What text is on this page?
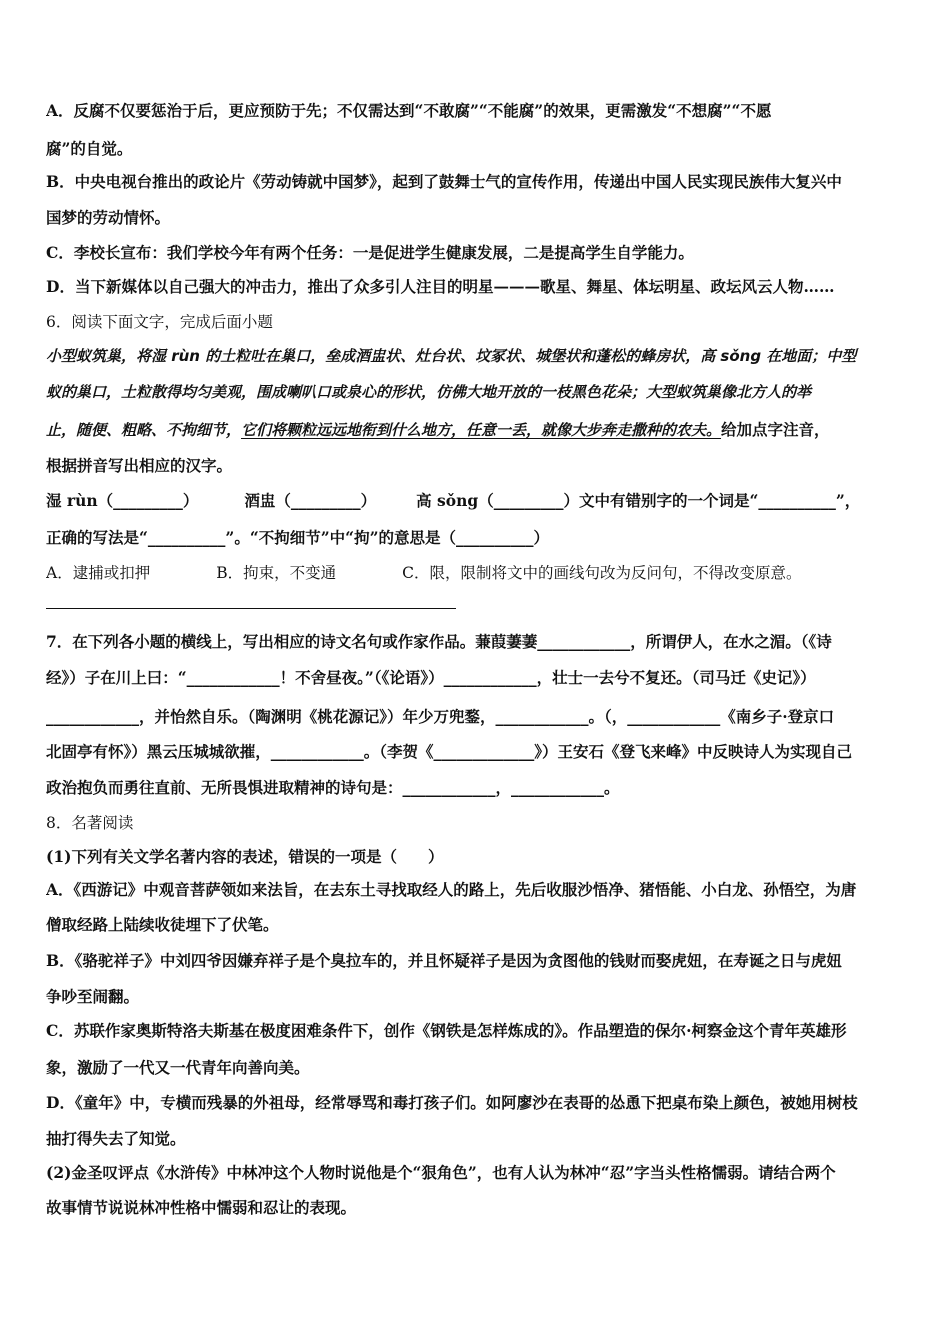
A．反腐不仅要惩治于后，更应预防于先；不仅需达到“不敢腐”“不能腐”的效果，更需激发“不想腐”“不愿
腐”的自觉。
B．中央电视台推出的政论片《劳动铸就中国梦》，起到了鼓舞士气的宣传作用，传递出中国人民实现民族伟大复兴中
国梦的劳动情怀。
C．李校长宣布：我们学校今年有两个任务：一是促进学生健康发展，二是提高学生自学能力。
D．当下新媒体以自己强大的冲击力，推出了众多引人注目的明星———歌星、舞星、体坛明星、政坛风云人物……
6．阅读下面文字，完成后面小题
小型蚁筑巢，将湿 rùn 的土粒吐在巢口，垒成酒盅状、灶台状、坟冢状、城堡状和蓬松的蜂房状，高 sǒng 在地面；中型
蚁的巢口，土粒散得均匀美观，围成喇叭口或泉心的形状，仿佛大地开放的一枝黑色花朵；大型蚁筑巢像北方人的举
止，随便、粗略、不拘细节，它们将颗粒远远地衔到什么地方，任意一丢，就像大步奔走撒种的农夫。给加点字注音，
根据拼音写出相应的汉字。
湿 rùn（_________）	酒盅（_________）	高 sǒng（_________）文中有错别字的一个词是“__________”，
正确的写法是“__________”。“不拘细节”中“拘”的意思是（__________）
A．逮捕或扣押	B．拘束，不变通	C．限，限制将文中的画线句改为反问句，不得改变原意。
7．在下列各小题的横线上，写出相应的诗文名句或作家作品。蒹葭萋萋____________，所谓伊人，在水之湄。（《诗
经》）子在川上曰：“____________！不舍昼夜。”（《论语》）____________，壮士一去兮不复还。（司马迁《史记》）
____________，并怡然自乐。（陶渊明《桃花源记》）年少万兜鍪，____________。（，____________《南乡子·登京口
北固亭有怀》）黑云压城城欲摧，____________。（李贺《_____________》）王安石《登飞来峰》中反映诗人为实现自己
政治抱负而勇往直前、无所畏惧进取精神的诗句是：____________，____________。
8．名著阅读
(1)下列有关文学名著内容的表述，错误的一项是（　　）
A．《西游记》中观音菩萨领如来法旨，在去东土寻找取经人的路上，先后收服沙悟净、猪悟能、小白龙、孙悟空，为唐
僧取经路上陆续收徒埋下了伏笔。
B．《骆驼祥子》中刘四爷因嫌弃祥子是个臭拉车的，并且怀疑祥子是因为贪图他的钱财而娶虎妞，在寿诞之日与虎妞
争吵至闹翻。
C．苏联作家奥斯特洛夫斯基在极度困难条件下，创作《钢铁是怎样炼成的》。作品塑造的保尔·柯察金这个青年英雄形
象，激励了一代又一代青年向善向美。
D．《童年》中，专横而残暴的外祖母，经常辱骂和毒打孩子们。如阿廖沙在表哥的怂恿下把桌布染上颜色，被她用树枝
抽打得失去了知觉。
(2)金圣叹评点《水浒传》中林冲这个人物时说他是个“狠角色”，也有人认为林冲“忍”字当头性格懦弱。请结合两个
故事情节说说林冲性格中懦弱和忍让的表现。
